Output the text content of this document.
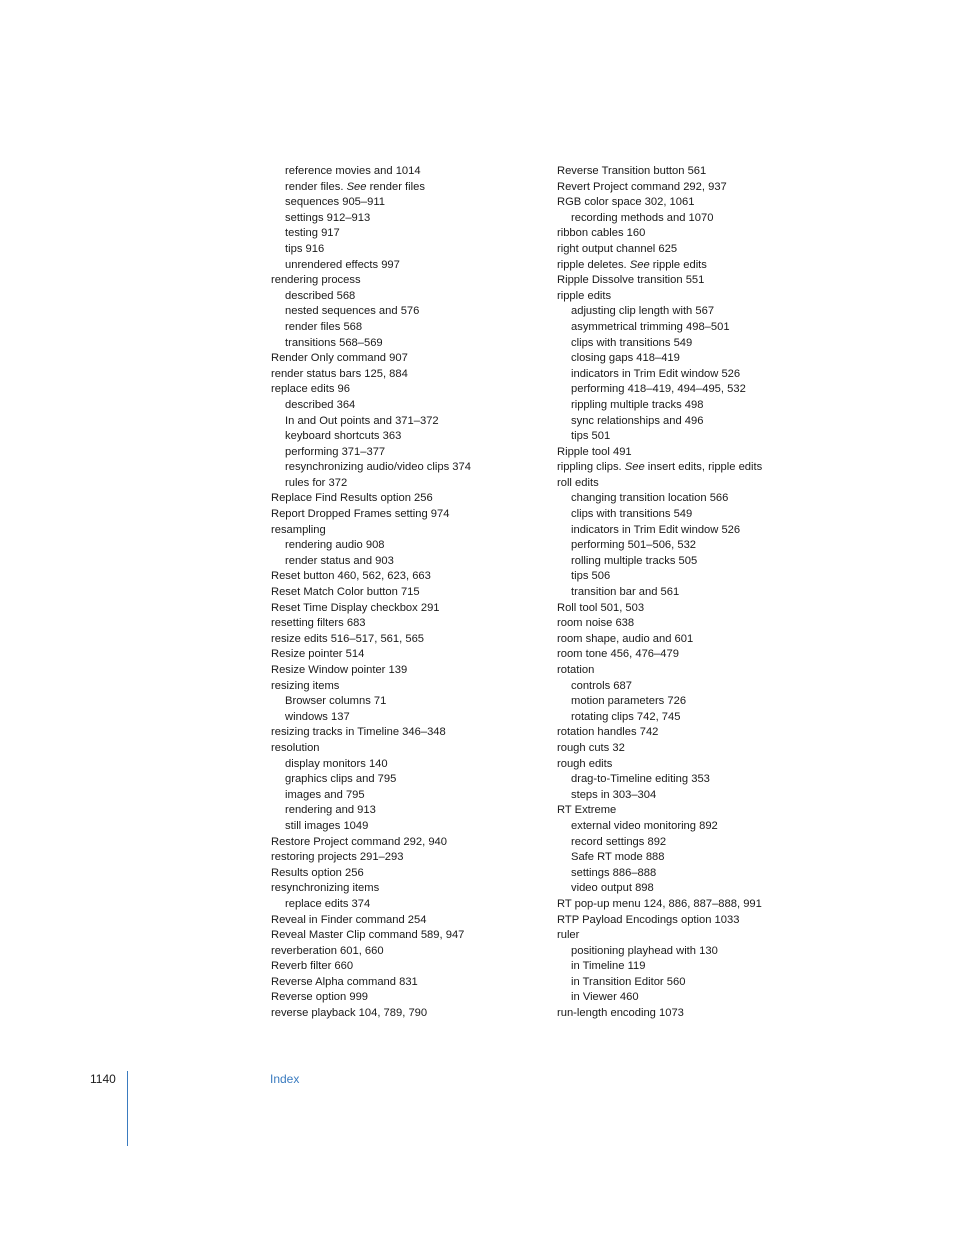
reference movies and 1014
render files. See render files
sequences 905–911
settings 912–913
testing 917
tips 916
unrendered effects 997
rendering process
described 568
nested sequences and 576
render files 568
transitions 568–569
Render Only command 907
render status bars 125, 884
replace edits 96
described 364
In and Out points and 371–372
keyboard shortcuts 363
performing 371–377
resynchronizing audio/video clips 374
rules for 372
Replace Find Results option 256
Report Dropped Frames setting 974
resampling
rendering audio 908
render status and 903
Reset button 460, 562, 623, 663
Reset Match Color button 715
Reset Time Display checkbox 291
resetting filters 683
resize edits 516–517, 561, 565
Resize pointer 514
Resize Window pointer 139
resizing items
Browser columns 71
windows 137
resizing tracks in Timeline 346–348
resolution
display monitors 140
graphics clips and 795
images and 795
rendering and 913
still images 1049
Restore Project command 292, 940
restoring projects 291–293
Results option 256
resynchronizing items
replace edits 374
Reveal in Finder command 254
Reveal Master Clip command 589, 947
reverberation 601, 660
Reverb filter 660
Reverse Alpha command 831
Reverse option 999
reverse playback 104, 789, 790
Reverse Transition button 561
Revert Project command 292, 937
RGB color space 302, 1061
recording methods and 1070
ribbon cables 160
right output channel 625
ripple deletes. See ripple edits
Ripple Dissolve transition 551
ripple edits
adjusting clip length with 567
asymmetrical trimming 498–501
clips with transitions 549
closing gaps 418–419
indicators in Trim Edit window 526
performing 418–419, 494–495, 532
rippling multiple tracks 498
sync relationships and 496
tips 501
Ripple tool 491
rippling clips. See insert edits, ripple edits
roll edits
changing transition location 566
clips with transitions 549
indicators in Trim Edit window 526
performing 501–506, 532
rolling multiple tracks 505
tips 506
transition bar and 561
Roll tool 501, 503
room noise 638
room shape, audio and 601
room tone 456, 476–479
rotation
controls 687
motion parameters 726
rotating clips 742, 745
rotation handles 742
rough cuts 32
rough edits
drag-to-Timeline editing 353
steps in 303–304
RT Extreme
external video monitoring 892
record settings 892
Safe RT mode 888
settings 886–888
video output 898
RT pop-up menu 124, 886, 887–888, 991
RTP Payload Encodings option 1033
ruler
positioning playhead with 130
in Timeline 119
in Transition Editor 560
in Viewer 460
run-length encoding 1073
1140	Index
